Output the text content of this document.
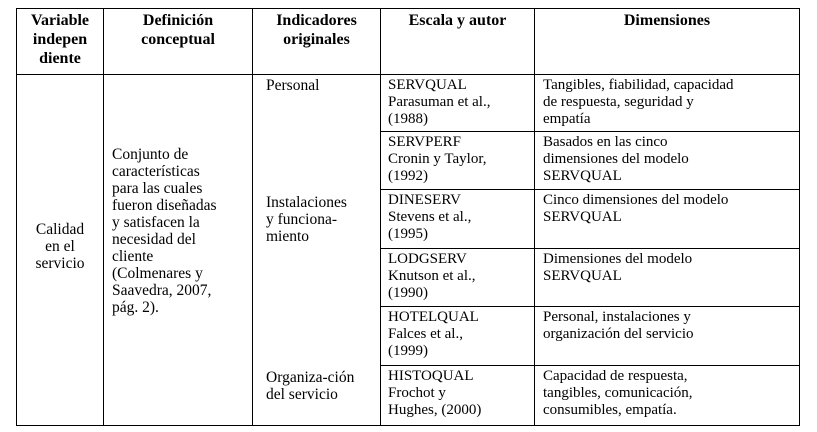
Variable
indepen
diente
Definición
conceptual
Indicadores
originales
Escala y autor	Dimensiones
Calidad
en el
servicio
Conjunto de
características
para las cuales
fueron diseñadas
y satisfacen la
necesidad del
cliente
(Colmenares y
Saavedra, 2007,
pág. 2).
Personal
Instalaciones
y funciona-
miento
Organiza-ción
del servicio
SERVQUAL
Parasuman et al.,
(1988)
SERVPERF
Cronin y Taylor,
(1992)
DINESERV
Stevens et al.,
(1995)
LODGSERV
Knutson et al.,
(1990)
HOTELQUAL
Falces et al.,
(1999)
HISTOQUAL
Frochot y
Hughes, (2000)
Tangibles, fiabilidad, capacidad
de respuesta, seguridad y
empatía
Basados en las cinco
dimensiones del modelo
SERVQUAL
Cinco dimensiones del modelo
SERVQUAL
Dimensiones del modelo
SERVQUAL
Personal, instalaciones y
organización del servicio
Capacidad de respuesta,
tangibles, comunicación,
consumibles, empatía.
